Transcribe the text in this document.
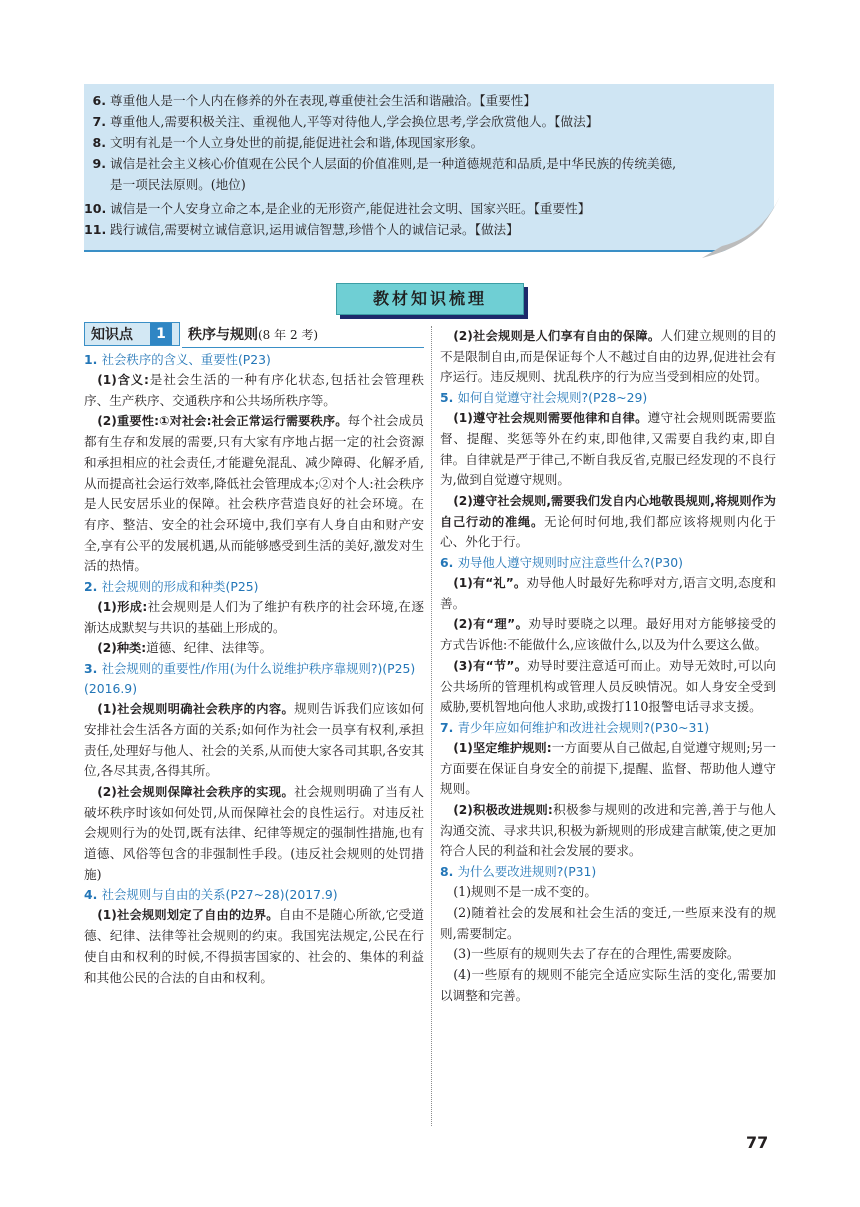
6. 尊重他人是一个人内在修养的外在表现,尊重使社会生活和谐融洽。【重要性】
7. 尊重他人,需要积极关注、重视他人,平等对待他人,学会换位思考,学会欣赏他人。【做法】
8. 文明有礼是一个人立身处世的前提,能促进社会和谐,体现国家形象。
9. 诚信是社会主义核心价值观在公民个人层面的价值准则,是一种道德规范和品质,是中华民族的传统美德,
是一项民法原则。(地位)
10. 诚信是一个人安身立命之本,是企业的无形资产,能促进社会文明、国家兴旺。【重要性】
11. 践行诚信,需要树立诚信意识,运用诚信智慧,珍惜个人的诚信记录。【做法】
教材知识梳理
知识点	1	秩序与规则(8 年 2 考)
1. 社会秩序的含义、重要性(P23)

(1)含义:是社会生活的一种有序化状态,包括社会管理秩序、生产秩序、交通秩序和公共场所秩序等。

(2)重要性:①对社会:社会正常运行需要秩序。每个社会成员都有生存和发展的需要,只有大家有序地占据一定的社会资源和承担相应的社会责任,才能避免混乱、减少障碍、化解矛盾,从而提高社会运行效率,降低社会管理成本;②对个人:社会秩序是人民安居乐业的保障。社会秩序营造良好的社会环境。在有序、整洁、安全的社会环境中,我们享有人身自由和财产安全,享有公平的发展机遇,从而能够感受到生活的美好,激发对生活的热情。

2. 社会规则的形成和种类(P25)

(1)形成:社会规则是人们为了维护有秩序的社会环境,在逐渐达成默契与共识的基础上形成的。

(2)种类:道德、纪律、法律等。

3. 社会规则的重要性/作用(为什么说维护秩序靠规则?)(P25)(2016.9)

(1)社会规则明确社会秩序的内容。规则告诉我们应该如何安排社会生活各方面的关系;如何作为社会一员享有权利,承担责任,处理好与他人、社会的关系,从而使大家各司其职,各安其位,各尽其责,各得其所。

(2)社会规则保障社会秩序的实现。社会规则明确了当有人破坏秩序时该如何处罚,从而保障社会的良性运行。对违反社会规则行为的处罚,既有法律、纪律等规定的强制性措施,也有道德、风俗等包含的非强制性手段。(违反社会规则的处罚措施)

4. 社会规则与自由的关系(P27~28)(2017.9)

(1)社会规则划定了自由的边界。自由不是随心所欲,它受道德、纪律、法律等社会规则的约束。我国宪法规定,公民在行使自由和权利的时候,不得损害国家的、社会的、集体的利益和其他公民的合法的自由和权利。

(2)社会规则是人们享有自由的保障。人们建立规则的目的不是限制自由,而是保证每个人不越过自由的边界,促进社会有序运行。违反规则、扰乱秩序的行为应当受到相应的处罚。

5. 如何自觉遵守社会规则?(P28~29)

(1)遵守社会规则需要他律和自律。遵守社会规则既需要监督、提醒、奖惩等外在约束,即他律,又需要自我约束,即自律。自律就是严于律己,不断自我反省,克服已经发现的不良行为,做到自觉遵守规则。

(2)遵守社会规则,需要我们发自内心地敬畏规则,将规则作为自己行动的准绳。无论何时何地,我们都应该将规则内化于心、外化于行。

6. 劝导他人遵守规则时应注意些什么?(P30)

(1)有“礼”。劝导他人时最好先称呼对方,语言文明,态度和善。

(2)有“理”。劝导时要晓之以理。最好用对方能够接受的方式告诉他:不能做什么,应该做什么,以及为什么要这么做。

(3)有“节”。劝导时要注意适可而止。劝导无效时,可以向公共场所的管理机构或管理人员反映情况。如人身安全受到威胁,要机智地向他人求助,或拨打110报警电话寻求支援。

7. 青少年应如何维护和改进社会规则?(P30~31)

(1)坚定维护规则:一方面要从自己做起,自觉遵守规则;另一方面要在保证自身安全的前提下,提醒、监督、帮助他人遵守规则。

(2)积极改进规则:积极参与规则的改进和完善,善于与他人沟通交流、寻求共识,积极为新规则的形成建言献策,使之更加符合人民的利益和社会发展的要求。

8. 为什么要改进规则?(P31)

(1)规则不是一成不变的。

(2)随着社会的发展和社会生活的变迁,一些原来没有的规则,需要制定。

(3)一些原有的规则失去了存在的合理性,需要废除。

(4)一些原有的规则不能完全适应实际生活的变化,需要加以调整和完善。

77
